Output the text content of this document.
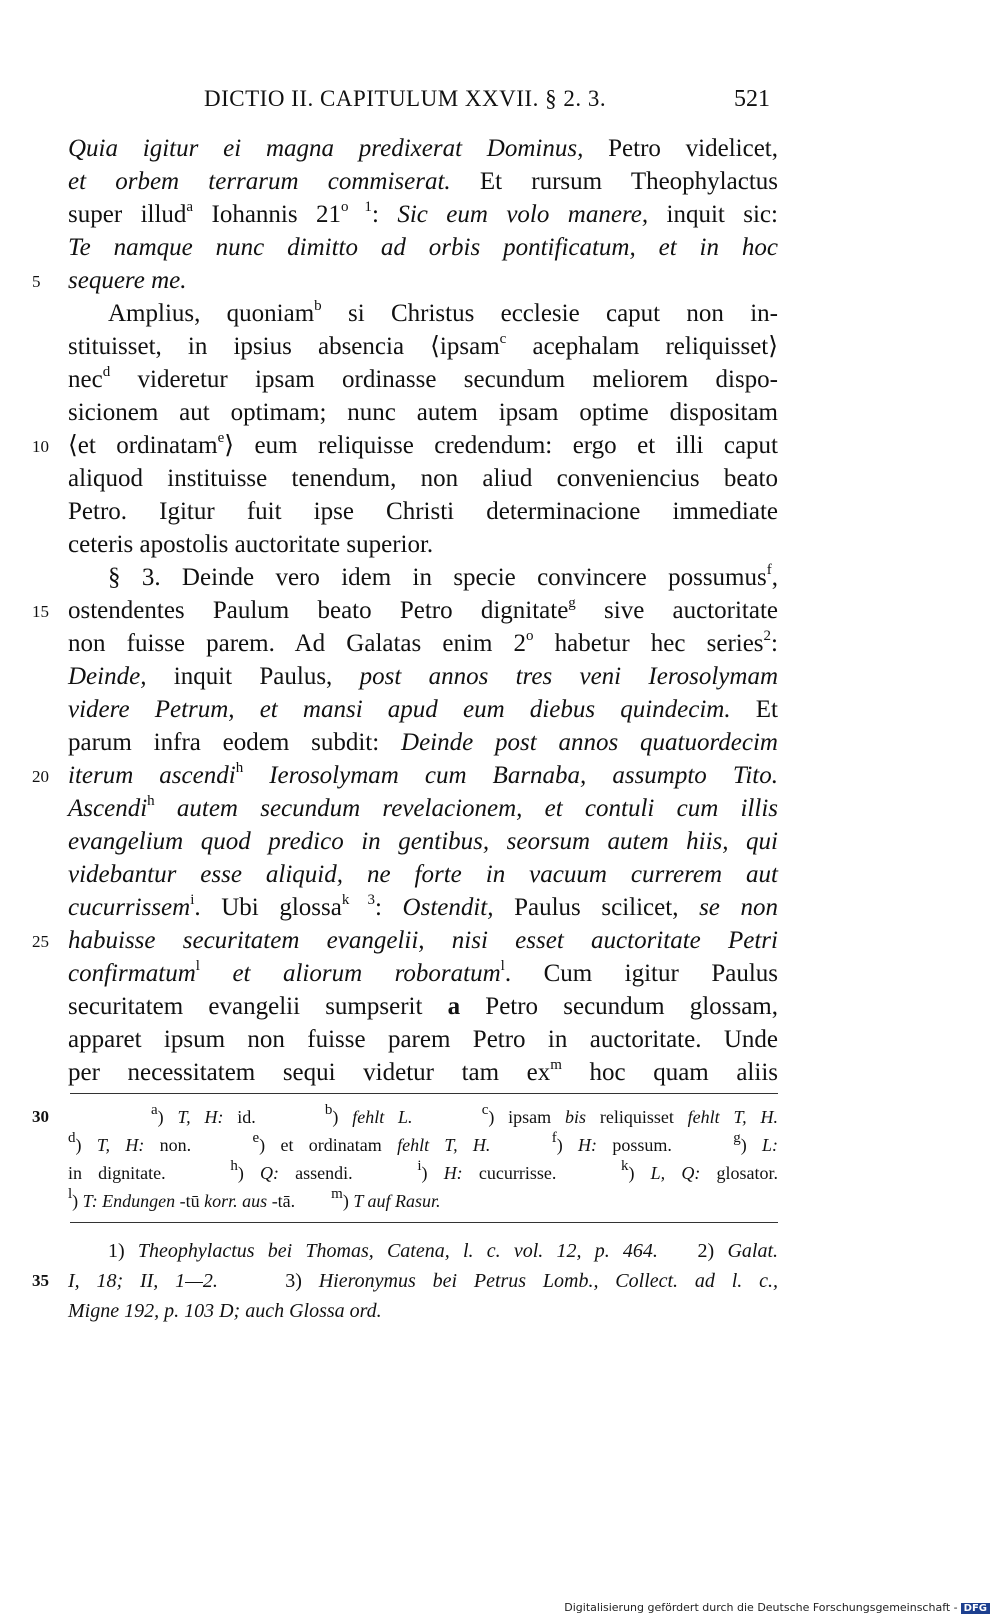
DICTIO II. CAPITULUM XXVII. § 2. 3.	521
Quia igitur ei magna predixerat Dominus, Petro videlicet,
et orbem terrarum commiserat. Et rursum Theophylactus
super illud$^a$ Iohannis $21^{o 1}$: Sic eum volo manere, inquit sic:
Te namque nunc dimitto ad orbis pontificatum, et in hoc
5	sequere me.
Amplius, quoniam$^b$ si Christus ecclesie caput non in-
stituisset, in ipsius absencia ⟨ipsam$^c$ acephalam reliquisset⟩
nec$^d$ videretur ipsam ordinasse secundum meliorem dispo-
sicionem aut optimam; nunc autem ipsam optime dispositam
10 ⟨et ordinatam$^e$⟩ eum reliquisse credendum: ergo et illi caput
aliquod instituisse tenendum, non aliud conveniencius beato
Petro. Igitur fuit ipse Christi determinacione immediate
ceteris apostolis auctoritate superior.
§ 3. Deinde vero idem in specie convincere possumus$^f$,
15 ostendentes Paulum beato Petro dignitate$^g$ sive auctoritate
non fuisse parem. Ad Galatas enim 2$^o$ habetur hec series$^2$:
Deinde, inquit Paulus, post annos tres veni Ierosolymam
videre Petrum, et mansi apud eum diebus quindecim. Et
parum infra eodem subdit: Deinde post annos quatuordecim
20 iterum ascendi$^h$ Ierosolymam cum Barnaba, assumpto Tito.
Ascendi$^h$ autem secundum revelacionem, et contuli cum illis
evangelium quod predico in gentibus, seorsum autem hiis, qui
videbantur esse aliquid, ne forte in vacuum currerem aut
cucurrissem$^i$. Ubi glossa$^{k 3}$: Ostendit, Paulus scilicet, se non
25 habuisse securitatem evangelii, nisi esset auctoritate Petri
confirmatum$^l$ et aliorum roboratum$^l$. Cum igitur Paulus
securitatem evangelii sumpserit a Petro secundum glossam,
apparet ipsum non fuisse parem Petro in auctoritate. Unde
per necessitatem sequi videtur tam $ex^m$ hoc quam aliis
30	$^a$) T, H: id.     $^b$) fehlt L.	$^c$) ipsam bis reliquisset fehlt T, H.
$^d$) T, H: non.    $^e$) et ordinatam fehlt T, H.	$^f$) H: possum.    $^g$) L:
in dignitate.    $^h$) Q: assendi.    $^i$) H: cucurrisse.    $^k$) L, Q: glosator.
$^l$) T: Endungen -tū korr. aus -tā.        $^m$) T auf Rasur.
1) Theophylactus bei Thomas, Catena, l. c. vol. 12, p. 464.   2) Galat.
35 I, 18; II, 1—2.    3) Hieronymus bei Petrus Lomb., Collect. ad l. c.,
Migne 192, p. 103 D; auch Glossa ord.
Digitalisierung gefördert durch die Deutsche Forschungsgemeinschaft - DFG
